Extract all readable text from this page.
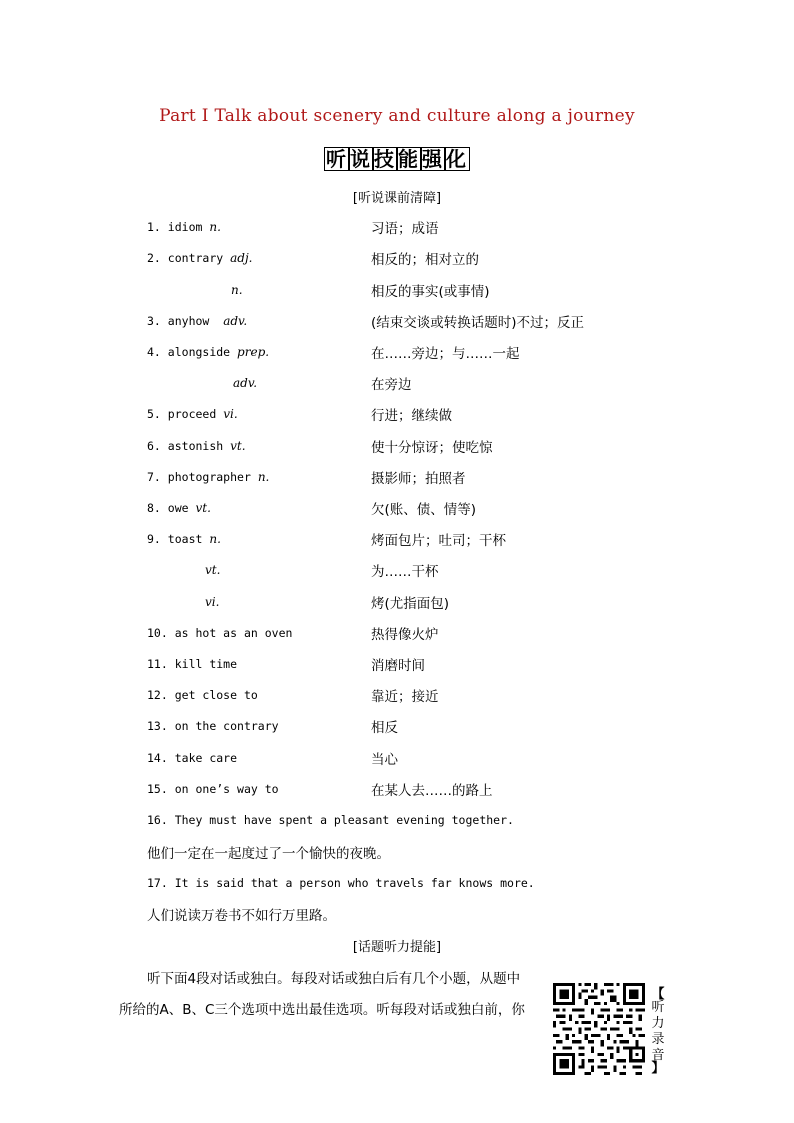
Part Ⅰ Talk about scenery and culture along a journey
听 说 技 能 强 化
[听说课前清障]
1. idiom n.	习语；成语
2. contrary adj.	相反的；相对立的
n.	相反的事实(或事情)
3. anyhow adv.	(结束交谈或转换话题时)不过；反正
4. alongside prep.	在……旁边；与……一起
adv.	在旁边
5. proceed vi.	行进；继续做
6. astonish vt.	使十分惊讶；使吃惊
7. photographer n.	摄影师；拍照者
8. owe vt.	欠(账、债、情等)
9. toast n.	烤面包片；吐司；干杯
vt.	为……干杯
vi.	烤(尤指面包)
10. as hot as an oven	热得像火炉
11. kill time	消磨时间
12. get close to	靠近；接近
13. on the contrary	相反
14. take care	当心
15. on one’s way to	在某人去……的路上
16. They must have spent a pleasant evening together.
他们一定在一起度过了一个愉快的夜晚。
17. It is said that a person who travels far knows more.
人们说读万卷书不如行万里路。
[话题听力提能]
听下面4段对话或独白。每段对话或独白后有几个小题，从题中
所给的A、B、C三个选项中选出最佳选项。听每段对话或独白前，你
【
听
力
录
音
】
